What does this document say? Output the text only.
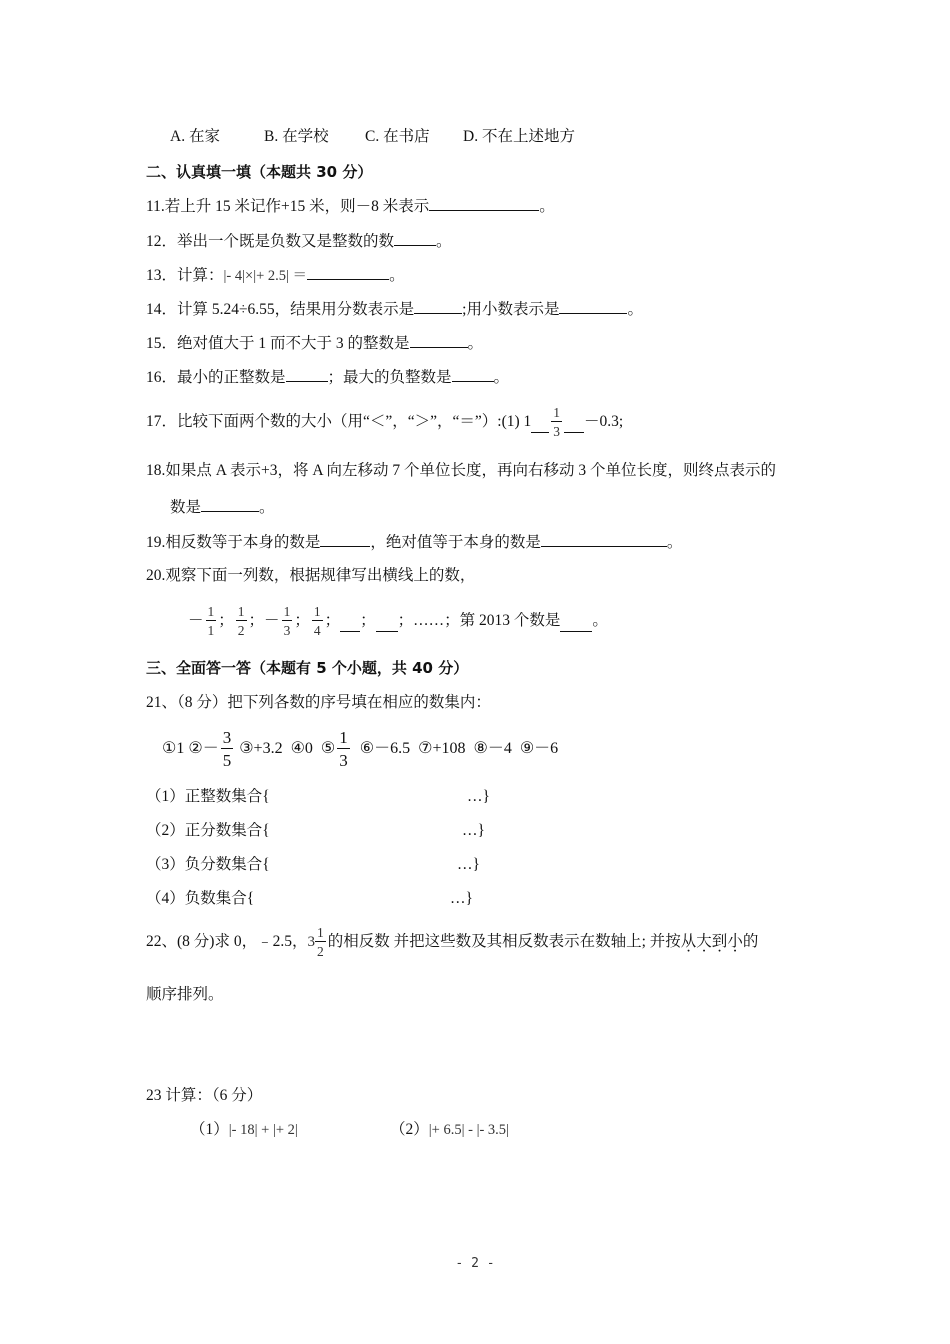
A. 在家	B. 在学校 C. 在书店 D. 不在上述地方
二、认真填一填（本题共 30 分）
11.若上升 15 米记作+15 米，则－8 米表示	。
12．举出一个既是负数又是整数的数	。
13．计算：|- 4|×|+ 2.5| ＝	。
14．计算 5.24÷6.55，结果用分数表示是	;用小数表示是	。
15．绝对值大于 1 而不大于 3 的整数是	。
16．最小的正整数是	；最大的负整数是	。
17．比较下面两个数的大小（用“＜”，“＞”，“＝”）:(1) $1 \frac{1}{3} -0.3$;
18.如果点 A 表示+3，将 A 向左移动 7 个单位长度，再向右移动 3 个单位长度，则终点表示的
数是	。
19.相反数等于本身的数是	，绝对值等于本身的数是	。
20.观察下面一列数，根据规律写出横线上的数，
－ $\frac{1}{1}$ ； $\frac{1}{2}$ ； － $\frac{1}{3}$ ； $\frac{1}{4}$ ； ； ； ……；第 2013 个数是 。
三、全面答一答（本题有 5 个小题，共 40 分）
21、（8 分）把下列各数的序号填在相应的数集内：
①1 ②－ $\frac{3}{5}$ ③+3.2  ④0  ⑤ $\frac{1}{3}$ ⑥－6.5  ⑦+108  ⑧－4  ⑨－6
（1）正整数集合{	…}
（2）正分数集合{	…}
（3）负分数集合{	…}
（4）负数集合{	…}
22、(8 分)求 0，﹣2.5， $3 \frac{1}{2}$ 的相反数 并把这些数及其相反数表示在数轴上; 并按 从 · 大 · 到 · 小 · 的
顺序排列。
23 计算：（6 分）
（1）|- 18| + |+ 2|	（2）|+ 6.5| - |- 3.5|
- 2 -
